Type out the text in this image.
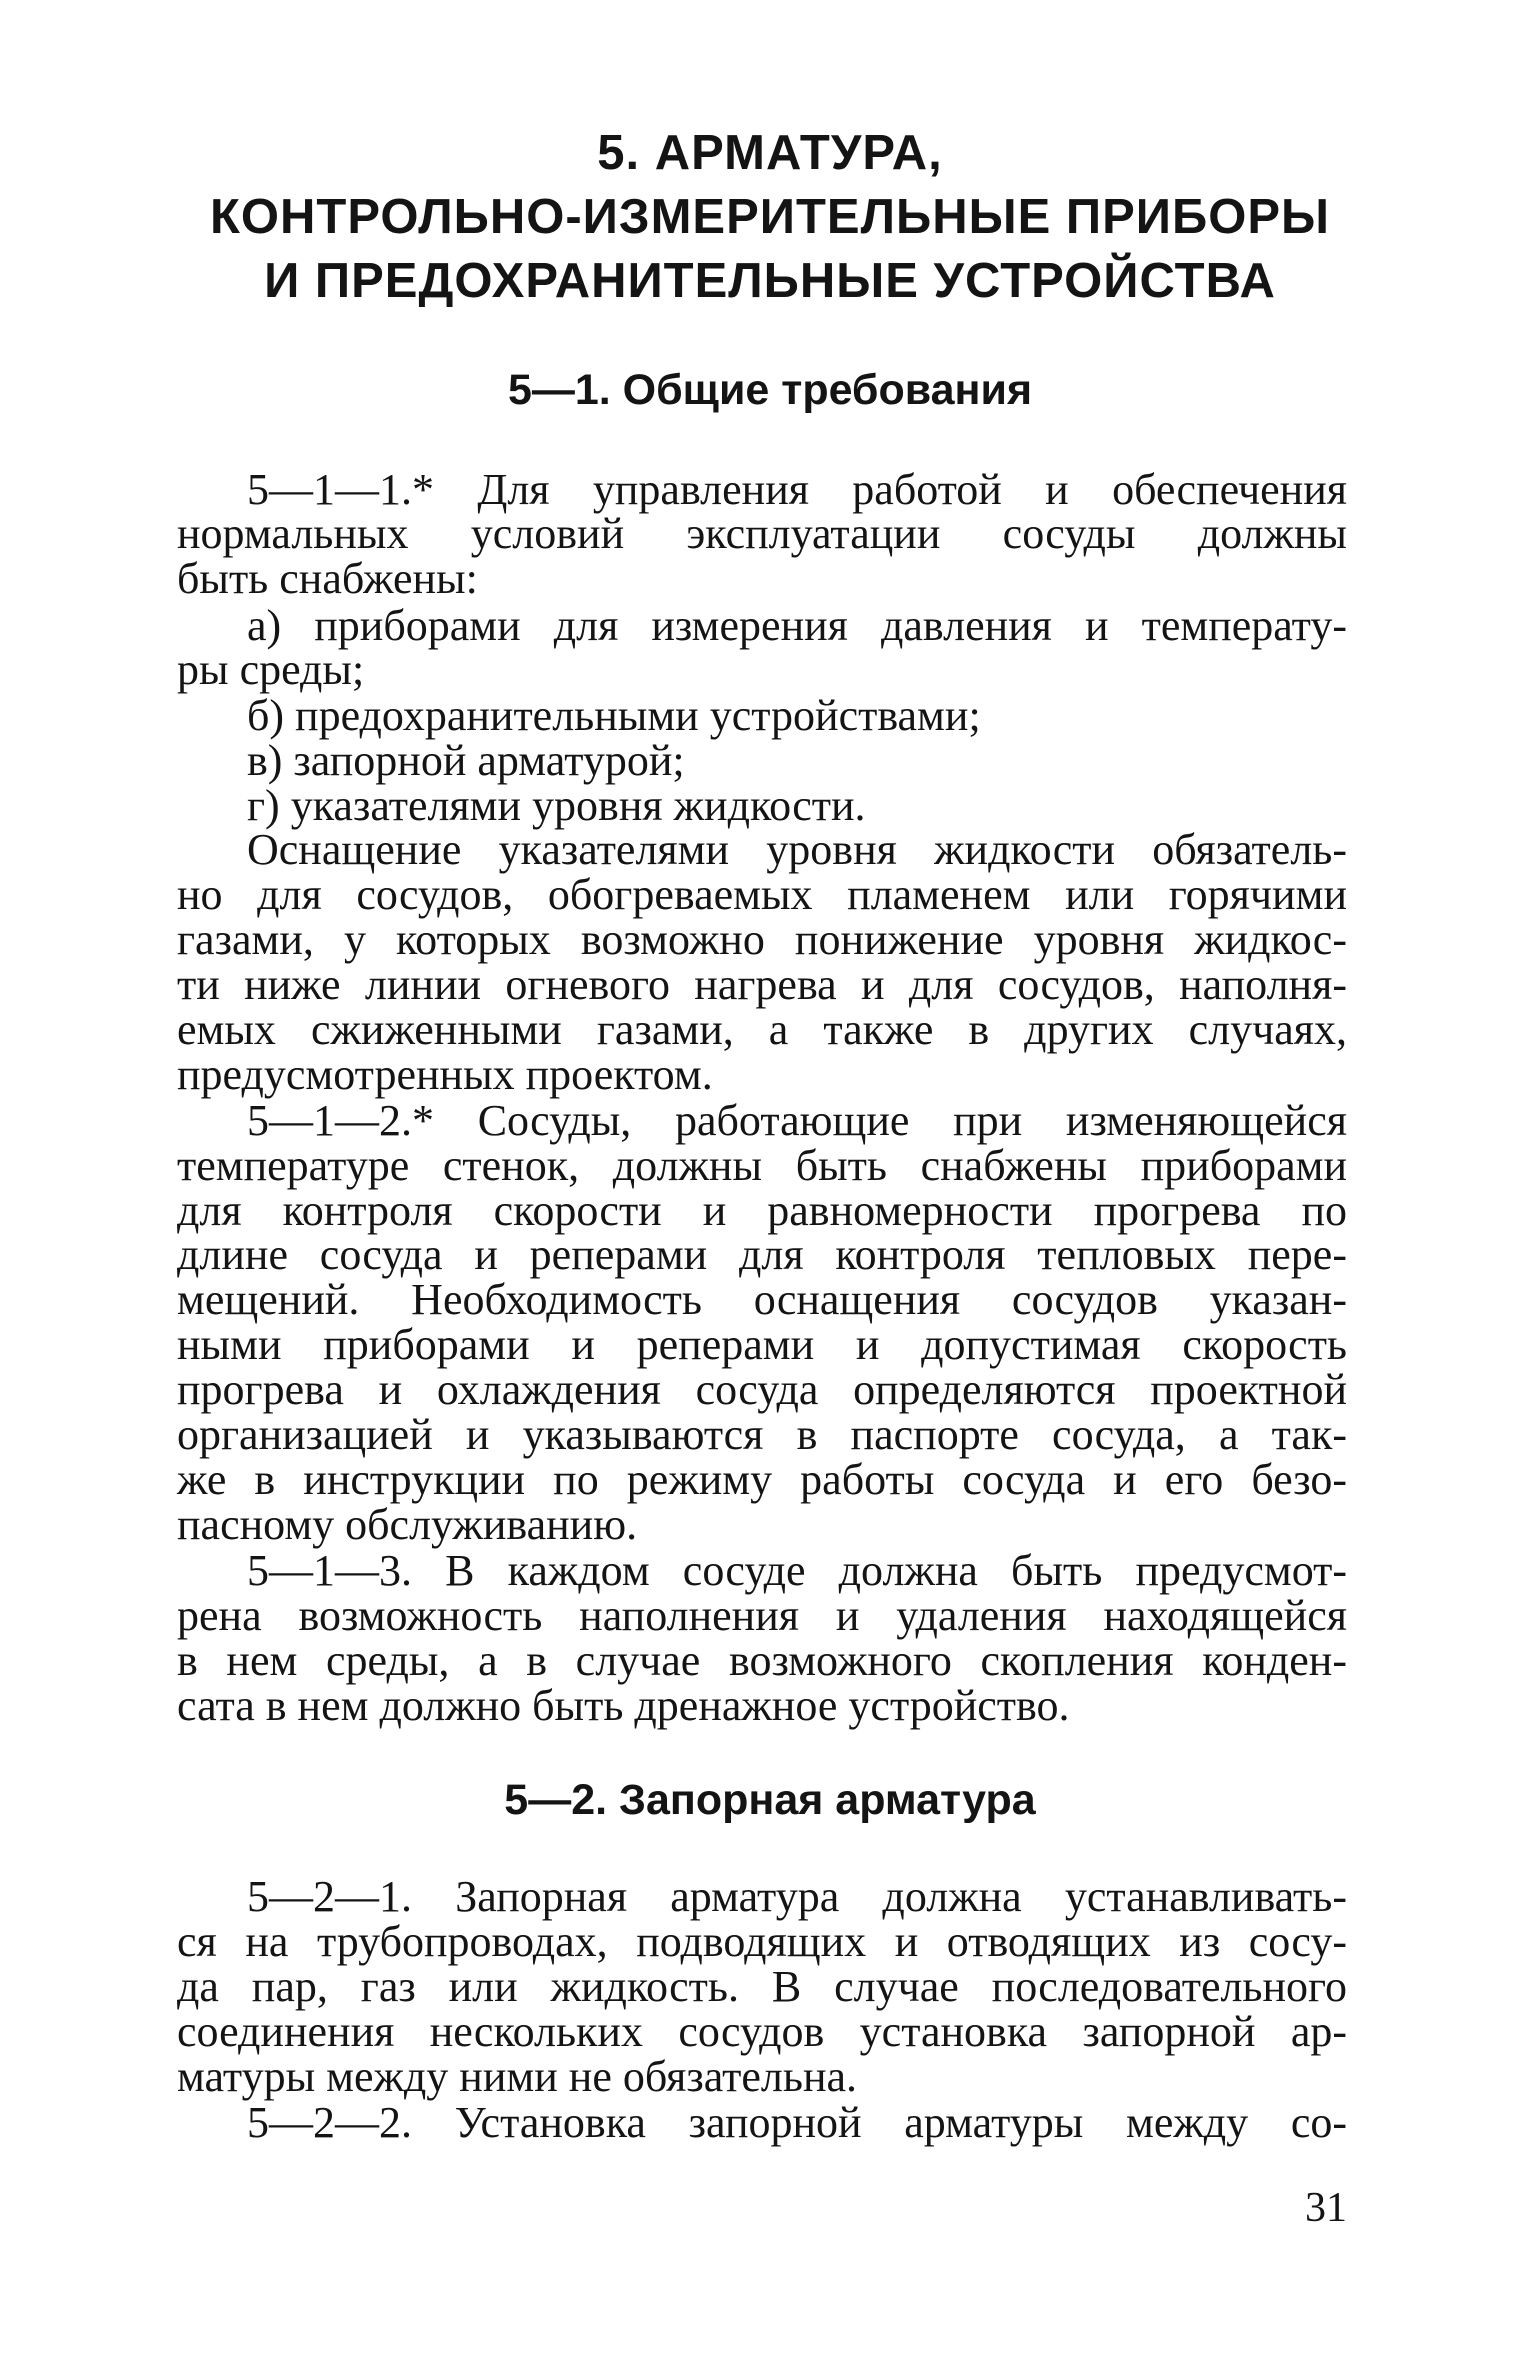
5. АРМАТУРА,
КОНТРОЛЬНО-ИЗМЕРИТЕЛЬНЫЕ ПРИБОРЫ
И ПРЕДОХРАНИТЕЛЬНЫЕ УСТРОЙСТВА
5—1. Общие требования
5—1—1.* Для управления работой и обеспечения
нормальных условий эксплуатации сосуды должны
быть снабжены:
а) приборами для измерения давления и температу-
ры среды;
б) предохранительными устройствами;
в) запорной арматурой;
г) указателями уровня жидкости.
Оснащение указателями уровня жидкости обязатель-
но для сосудов, обогреваемых пламенем или горячими
газами, у которых возможно понижение уровня жидкос-
ти ниже линии огневого нагрева и для сосудов, наполня-
емых сжиженными газами, а также в других случаях,
предусмотренных проектом.
5—1—2.* Сосуды, работающие при изменяющейся
температуре стенок, должны быть снабжены приборами
для контроля скорости и равномерности прогрева по
длине сосуда и реперами для контроля тепловых пере-
мещений. Необходимость оснащения сосудов указан-
ными приборами и реперами и допустимая скорость
прогрева и охлаждения сосуда определяются проектной
организацией и указываются в паспорте сосуда, а так-
же в инструкции по режиму работы сосуда и его безо-
пасному обслуживанию.
5—1—3. В каждом сосуде должна быть предусмот-
рена возможность наполнения и удаления находящейся
в нем среды, а в случае возможного скопления конден-
сата в нем должно быть дренажное устройство.
5—2. Запорная арматура
5—2—1. Запорная арматура должна устанавливать-
ся на трубопроводах, подводящих и отводящих из сосу-
да пар, газ или жидкость. В случае последовательного
соединения нескольких сосудов установка запорной ар-
матуры между ними не обязательна.
5—2—2. Установка запорной арматуры между со-
31
